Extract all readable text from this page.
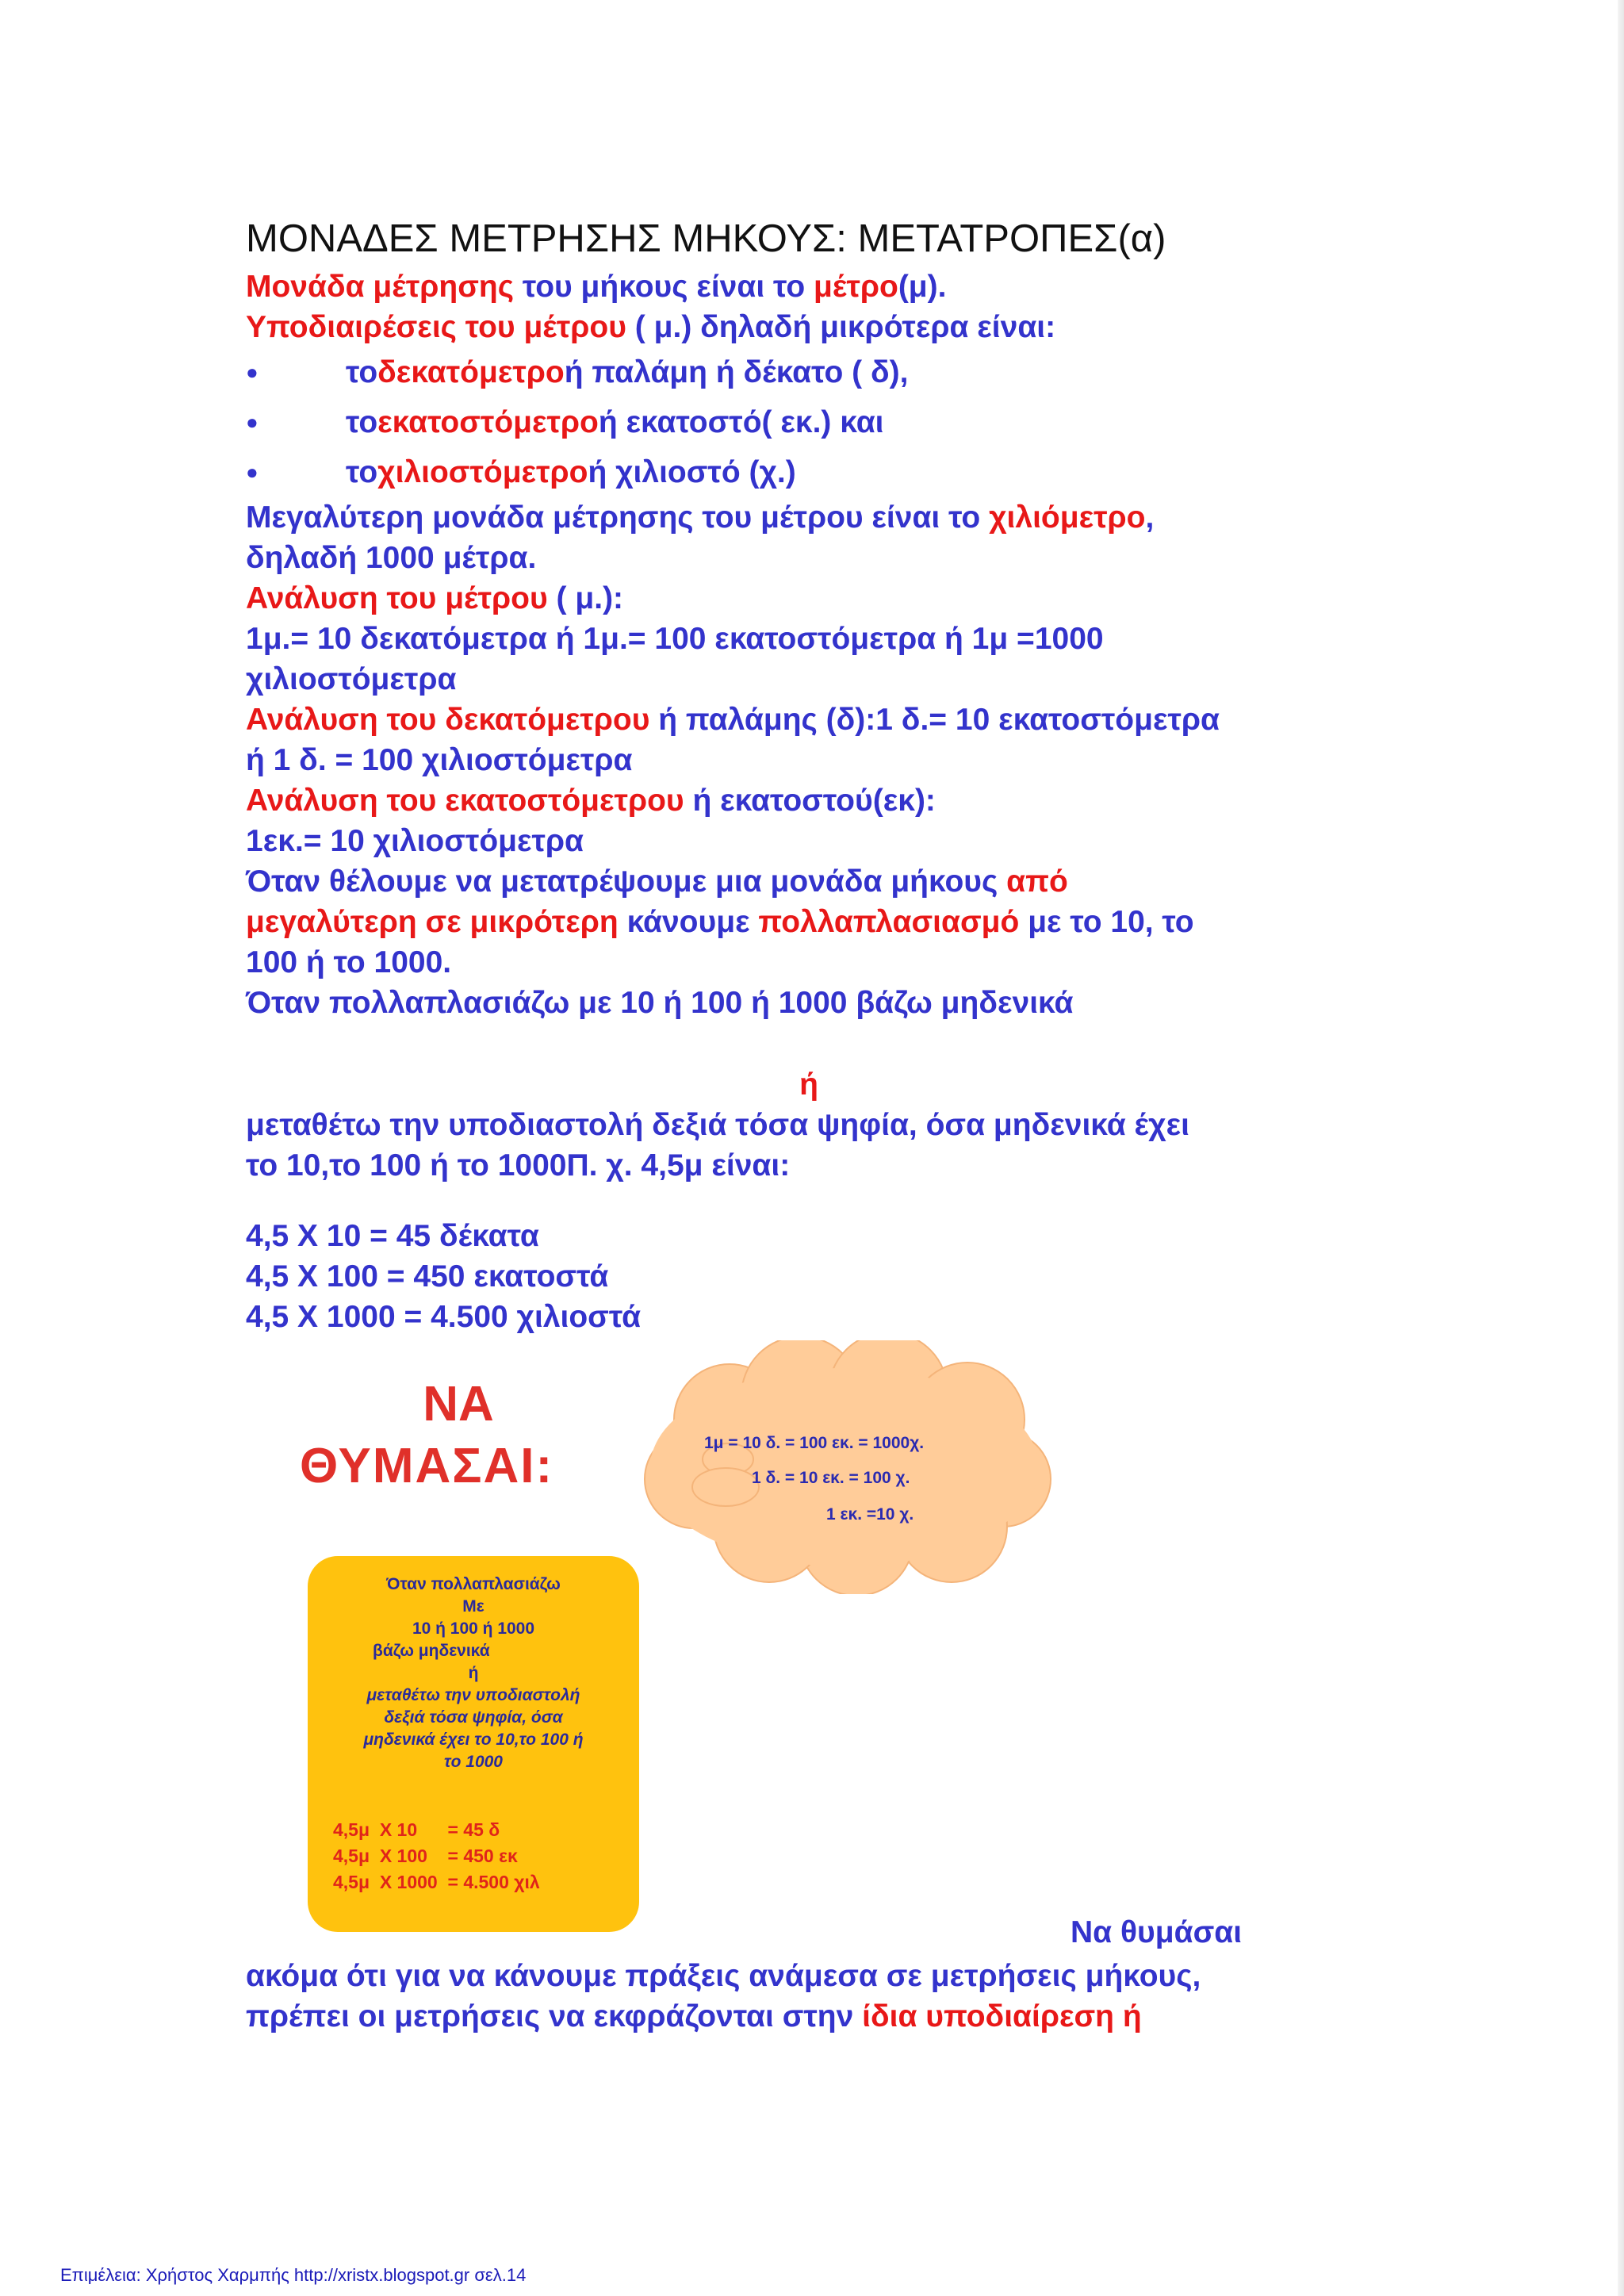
ΜΟΝΑΔΕΣ ΜΕΤΡΗΣΗΣ ΜΗΚΟΥΣ: ΜΕΤΑΤΡΟΠΕΣ(α)

Μονάδα μέτρησης του μήκους είναι το μέτρο(μ).

Υποδιαιρέσεις του μέτρου ( μ.) δηλαδή μικρότερα είναι:

●	το δεκατόμετρο ή παλάμη ή δέκατο ( δ),
●	το εκατοστόμετρο ή εκατοστό( εκ.) και
●	το χιλιοστόμετρο ή χιλιοστό (χ.)

Μεγαλύτερη μονάδα μέτρησης του μέτρου είναι το χιλιόμετρο,

δηλαδή 1000 μέτρα.

Ανάλυση του μέτρου ( μ.):

1μ.= 10 δεκατόμετρα ή 1μ.= 100 εκατοστόμετρα ή 1μ =1000

χιλιοστόμετρα

Ανάλυση του δεκατόμετρου ή παλάμης (δ):1 δ.= 10 εκατοστόμετρα

ή 1 δ. = 100 χιλιοστόμετρα

Ανάλυση του εκατοστόμετρου ή εκατοστού(εκ):

1εκ.= 10 χιλιοστόμετρα

Όταν θέλουμε να μετατρέψουμε μια μονάδα μήκους από

μεγαλύτερη σε μικρότερη κάνουμε πολλαπλασιασμό με το 10, το

100 ή το 1000.

Όταν πολλαπλασιάζω με 10 ή 100 ή 1000 βάζω μηδενικά

ή

μεταθέτω την υποδιαστολή δεξιά τόσα ψηφία, όσα μηδενικά έχει

το 10,το 100 ή το 1000Π. χ. 4,5μ είναι:

4,5 Χ 10 = 45 δέκατα

4,5 Χ 100 = 450 εκατοστά

4,5 Χ 1000 = 4.500 χιλιοστά

ΝΑ
ΘΥΜΑΣΑΙ:	1μ = 10 δ. = 100 εκ. = 1000χ.
1 δ. = 10 εκ. = 100 χ.
1 εκ. =10 χ.
Όταν πολλαπλασιάζω
Με
10 ή 100 ή 1000
βάζω μηδενικά
ή
μεταθέτω την υποδιαστολή
δεξιά τόσα ψηφία, όσα
μηδενικά έχει το 10,το 100 ή
το 1000
4,5μ  Χ 10      = 45 δ
4,5μ  Χ 100    = 450 εκ
4,5μ  Χ 1000  = 4.500 χιλ
Να θυμάσαι

ακόμα ότι για να κάνουμε πράξεις ανάμεσα σε μετρήσεις μήκους,

πρέπει οι μετρήσεις να εκφράζονται στην ίδια υποδιαίρεση ή

Επιμέλεια: Χρήστος Χαρμπής http://xristx.blogspot.gr σελ.14
